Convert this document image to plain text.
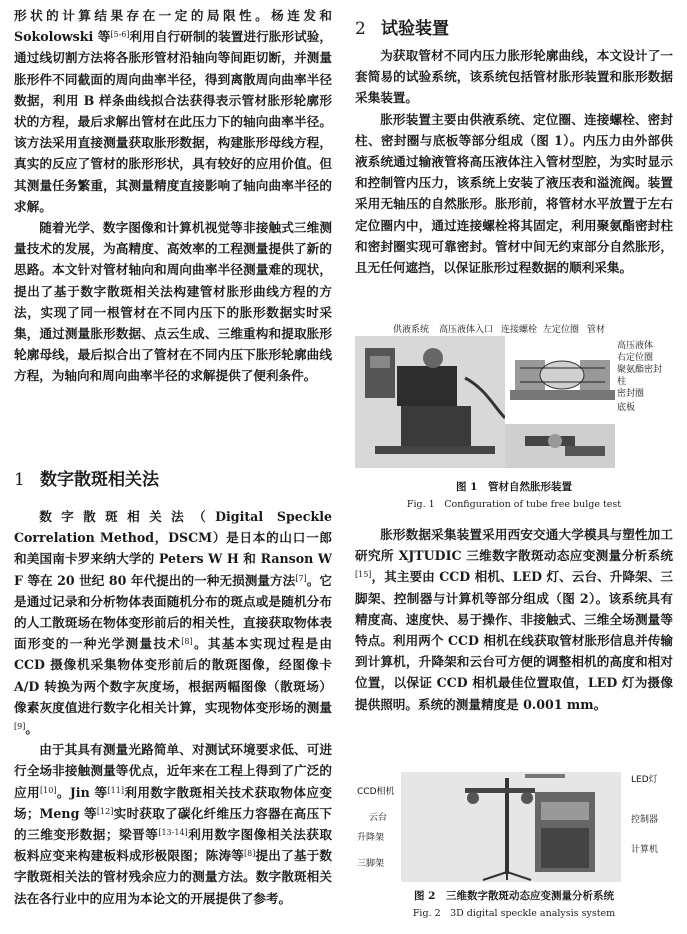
形状的计算结果存在一定的局限性。杨连发和 Sokolowski 等[5-6]利用自行研制的装置进行胀形试验，通过线切割方法将各胀形管材沿轴向等间距切断，并测量胀形件不同截面的周向曲率半径，得到离散周向曲率半径数据，利用 B 样条曲线拟合法获得表示管材胀形轮廓形状的方程，最后求解出管材在此压力下的轴向曲率半径。该方法采用直接测量获取胀形数据，构建胀形母线方程，真实的反应了管材的胀形形状，具有较好的应用价值。但其测量任务繁重，其测量精度直接影响了轴向曲率半径的求解。

随着光学、数字图像和计算机视觉等非接触式三维测量技术的发展，为高精度、高效率的工程测量提供了新的思路。本文针对管材轴向和周向曲率半径测量难的现状，提出了基于数字散斑相关法构建管材胀形曲线方程的方法，实现了同一根管材在不同内压下的胀形数据实时采集，通过测量胀形数据、点云生成、三维重构和提取胀形轮廓母线，最后拟合出了管材在不同内压下胀形轮廓曲线方程，为轴向和周向曲率半径的求解提供了便利条件。

1 数字散斑相关法

数字散斑相关法（Digital Speckle Correlation Method，DSCM）是日本的山口一郎和美国南卡罗来纳大学的 Peters W H 和 Ranson W F 等在 20 世纪 80 年代提出的一种无损测量方法[7]。它是通过记录和分析物体表面随机分布的斑点或是随机分布的人工散斑场在物体变形前后的相关性，直接获取物体表面形变的一种光学测量技术[8]。其基本实现过程是由 CCD 摄像机采集物体变形前后的散斑图像，经图像卡 A/D 转换为两个数字灰度场，根据两幅图像（散斑场）像素灰度值进行数字化相关计算，实现物体变形场的测量[9]。

由于其具有测量光路简单、对测试环境要求低、可进行全场非接触测量等优点，近年来在工程上得到了广泛的应用[10]。Jin 等[11]利用数字散斑相关技术获取物体应变场；Meng 等[12]实时获取了碳化纤维压力容器在高压下的三维变形数据；梁晋等[13-14]利用数字图像相关法获取板料应变来构建板料成形极限图；陈涛等[8]提出了基于数字散斑相关法的管材残余应力的测量方法。数字散斑相关法在各行业中的应用为本论文的开展提供了参考。

2 试验装置

为获取管材不同内压力胀形轮廓曲线，本文设计了一套简易的试验系统，该系统包括管材胀形装置和胀形数据采集装置。

胀形装置主要由供液系统、定位圈、连接螺栓、密封柱、密封圈与底板等部分组成（图 1）。内压力由外部供液系统通过输液管将高压液体注入管材型腔，为实时显示和控制管内压力，该系统上安装了液压表和溢流阀。装置采用无轴压的自然胀形。胀形前，将管材水平放置于左右定位圈内中，通过连接螺栓将其固定，利用聚氨酯密封柱和密封圈实现可靠密封。管材中间无约束部分自然胀形，且无任何遮挡，以保证胀形过程数据的顺利采集。

供液系统 高压液体入口 连接螺栓 左定位圈 管材
高压液体
右定位圈
聚氨酯密封
柱
密封圈
底板

图 1　管材自然胀形装置

Fig. 1　Configuration of tube free bulge test

胀形数据采集装置采用西安交通大学模具与塑性加工研究所 XJTUDIC 三维数字散斑动态应变测量分析系统[15]，其主要由 CCD 相机、LED 灯、云台、升降架、三脚架、控制器与计算机等部分组成（图 2）。该系统具有精度高、速度快、易于操作、非接触式、三维全场测量等特点。利用两个 CCD 相机在线获取管材胀形信息并传输到计算机，升降架和云台可方便的调整相机的高度和相对位置，以保证 CCD 相机最佳位置取值，LED 灯为摄像提供照明。系统的测量精度是 0.001 mm。

LED灯
CCD相机
云台
升降架
三脚架
控制器
计算机

图 2　三维数字散斑动态应变测量分析系统

Fig. 2　3D digital speckle analysis system
